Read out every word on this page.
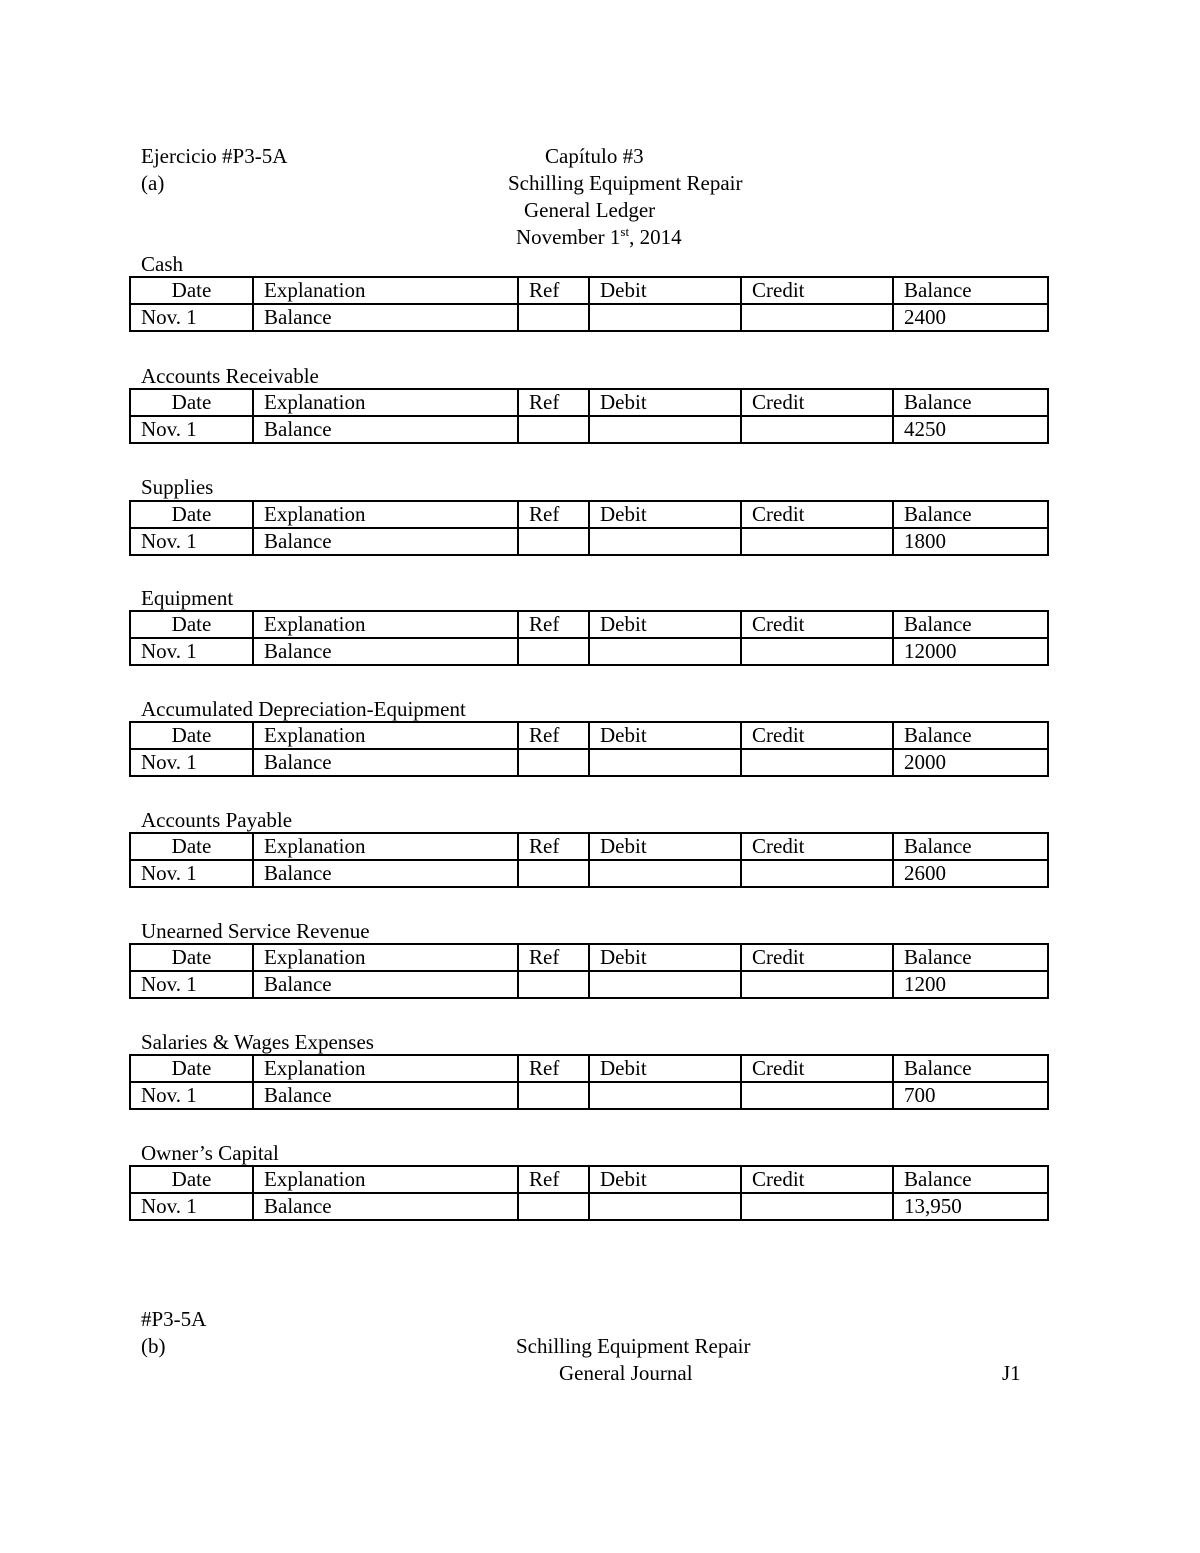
Ejercicio #P3-5A	Capítulo #3
(a)	Schilling Equipment Repair
General Ledger
November 1st, 2014
Cash
Date	Explanation	Ref	Debit	Credit	Balance
Nov. 1	Balance				2400
Accounts Receivable
Date	Explanation	Ref	Debit	Credit	Balance
Nov. 1	Balance				4250
Supplies
Date	Explanation	Ref	Debit	Credit	Balance
Nov. 1	Balance				1800
Equipment
Date	Explanation	Ref	Debit	Credit	Balance
Nov. 1	Balance				12000
Accumulated Depreciation-Equipment
Date	Explanation	Ref	Debit	Credit	Balance
Nov. 1	Balance				2000
Accounts Payable
Date	Explanation	Ref	Debit	Credit	Balance
Nov. 1	Balance				2600
Unearned Service Revenue
Date	Explanation	Ref	Debit	Credit	Balance
Nov. 1	Balance				1200
Salaries & Wages Expenses
Date	Explanation	Ref	Debit	Credit	Balance
Nov. 1	Balance				700
Owner’s Capital
Date	Explanation	Ref	Debit	Credit	Balance
Nov. 1	Balance				13,950
#P3-5A
(b)	Schilling Equipment Repair
General Journal	J1
